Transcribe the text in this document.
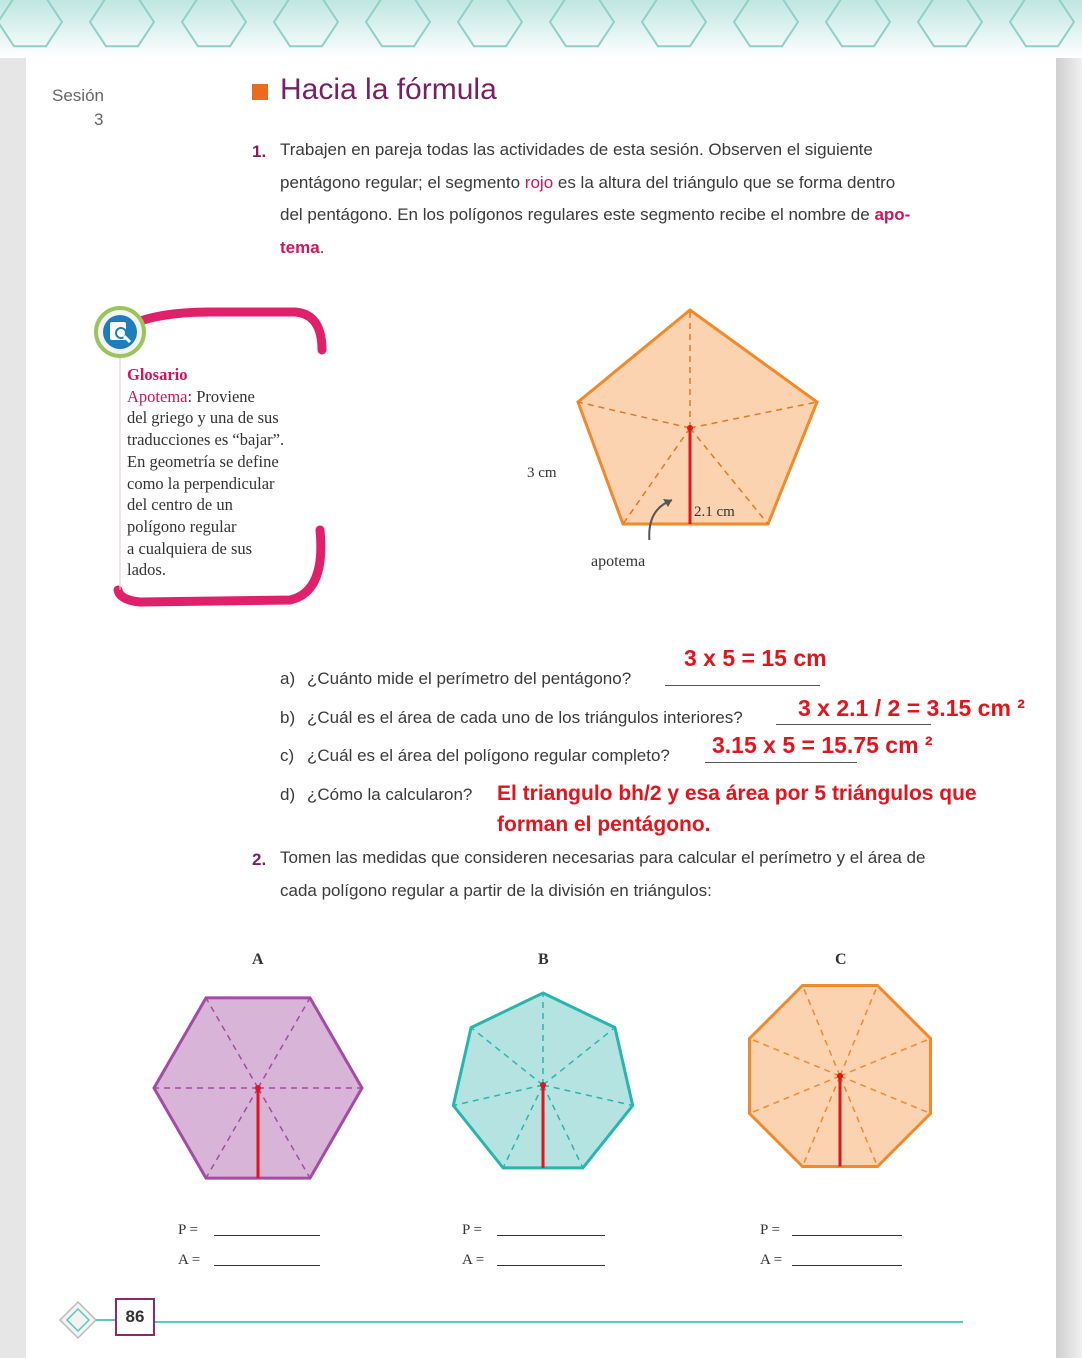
Sesión
3
Hacia la fórmula
1. Trabajen en pareja todas las actividades de esta sesión. Observen el siguiente
pentágono regular; el segmento rojo es la altura del triángulo que se forma dentro
del pentágono. En los polígonos regulares este segmento recibe el nombre de apo-
tema.
Glosario
Apotema: Proviene
del griego y una de sus
traducciones es “bajar”.
En geometría se define
como la perpendicular
del centro de un
polígono regular
a cualquiera de sus
lados.
3 cm
2.1 cm
apotema
a) ¿Cuánto mide el perímetro del pentágono?
3 x 5 = 15 cm
b) ¿Cuál es el área de cada uno de los triángulos interiores? 3 x 2.1 / 2 = 3.15 cm ²
c) ¿Cuál es el área del polígono regular completo? 3.15 x 5 = 15.75 cm ²
d) ¿Cómo la calcularon? El triangulo bh/2 y esa área por 5 triángulos que
forman el pentágono.
2. Tomen las medidas que consideren necesarias para calcular el perímetro y el área de
cada polígono regular a partir de la división en triángulos:
A	B	C
P =
A =
P =
A =
P =
A =
86
